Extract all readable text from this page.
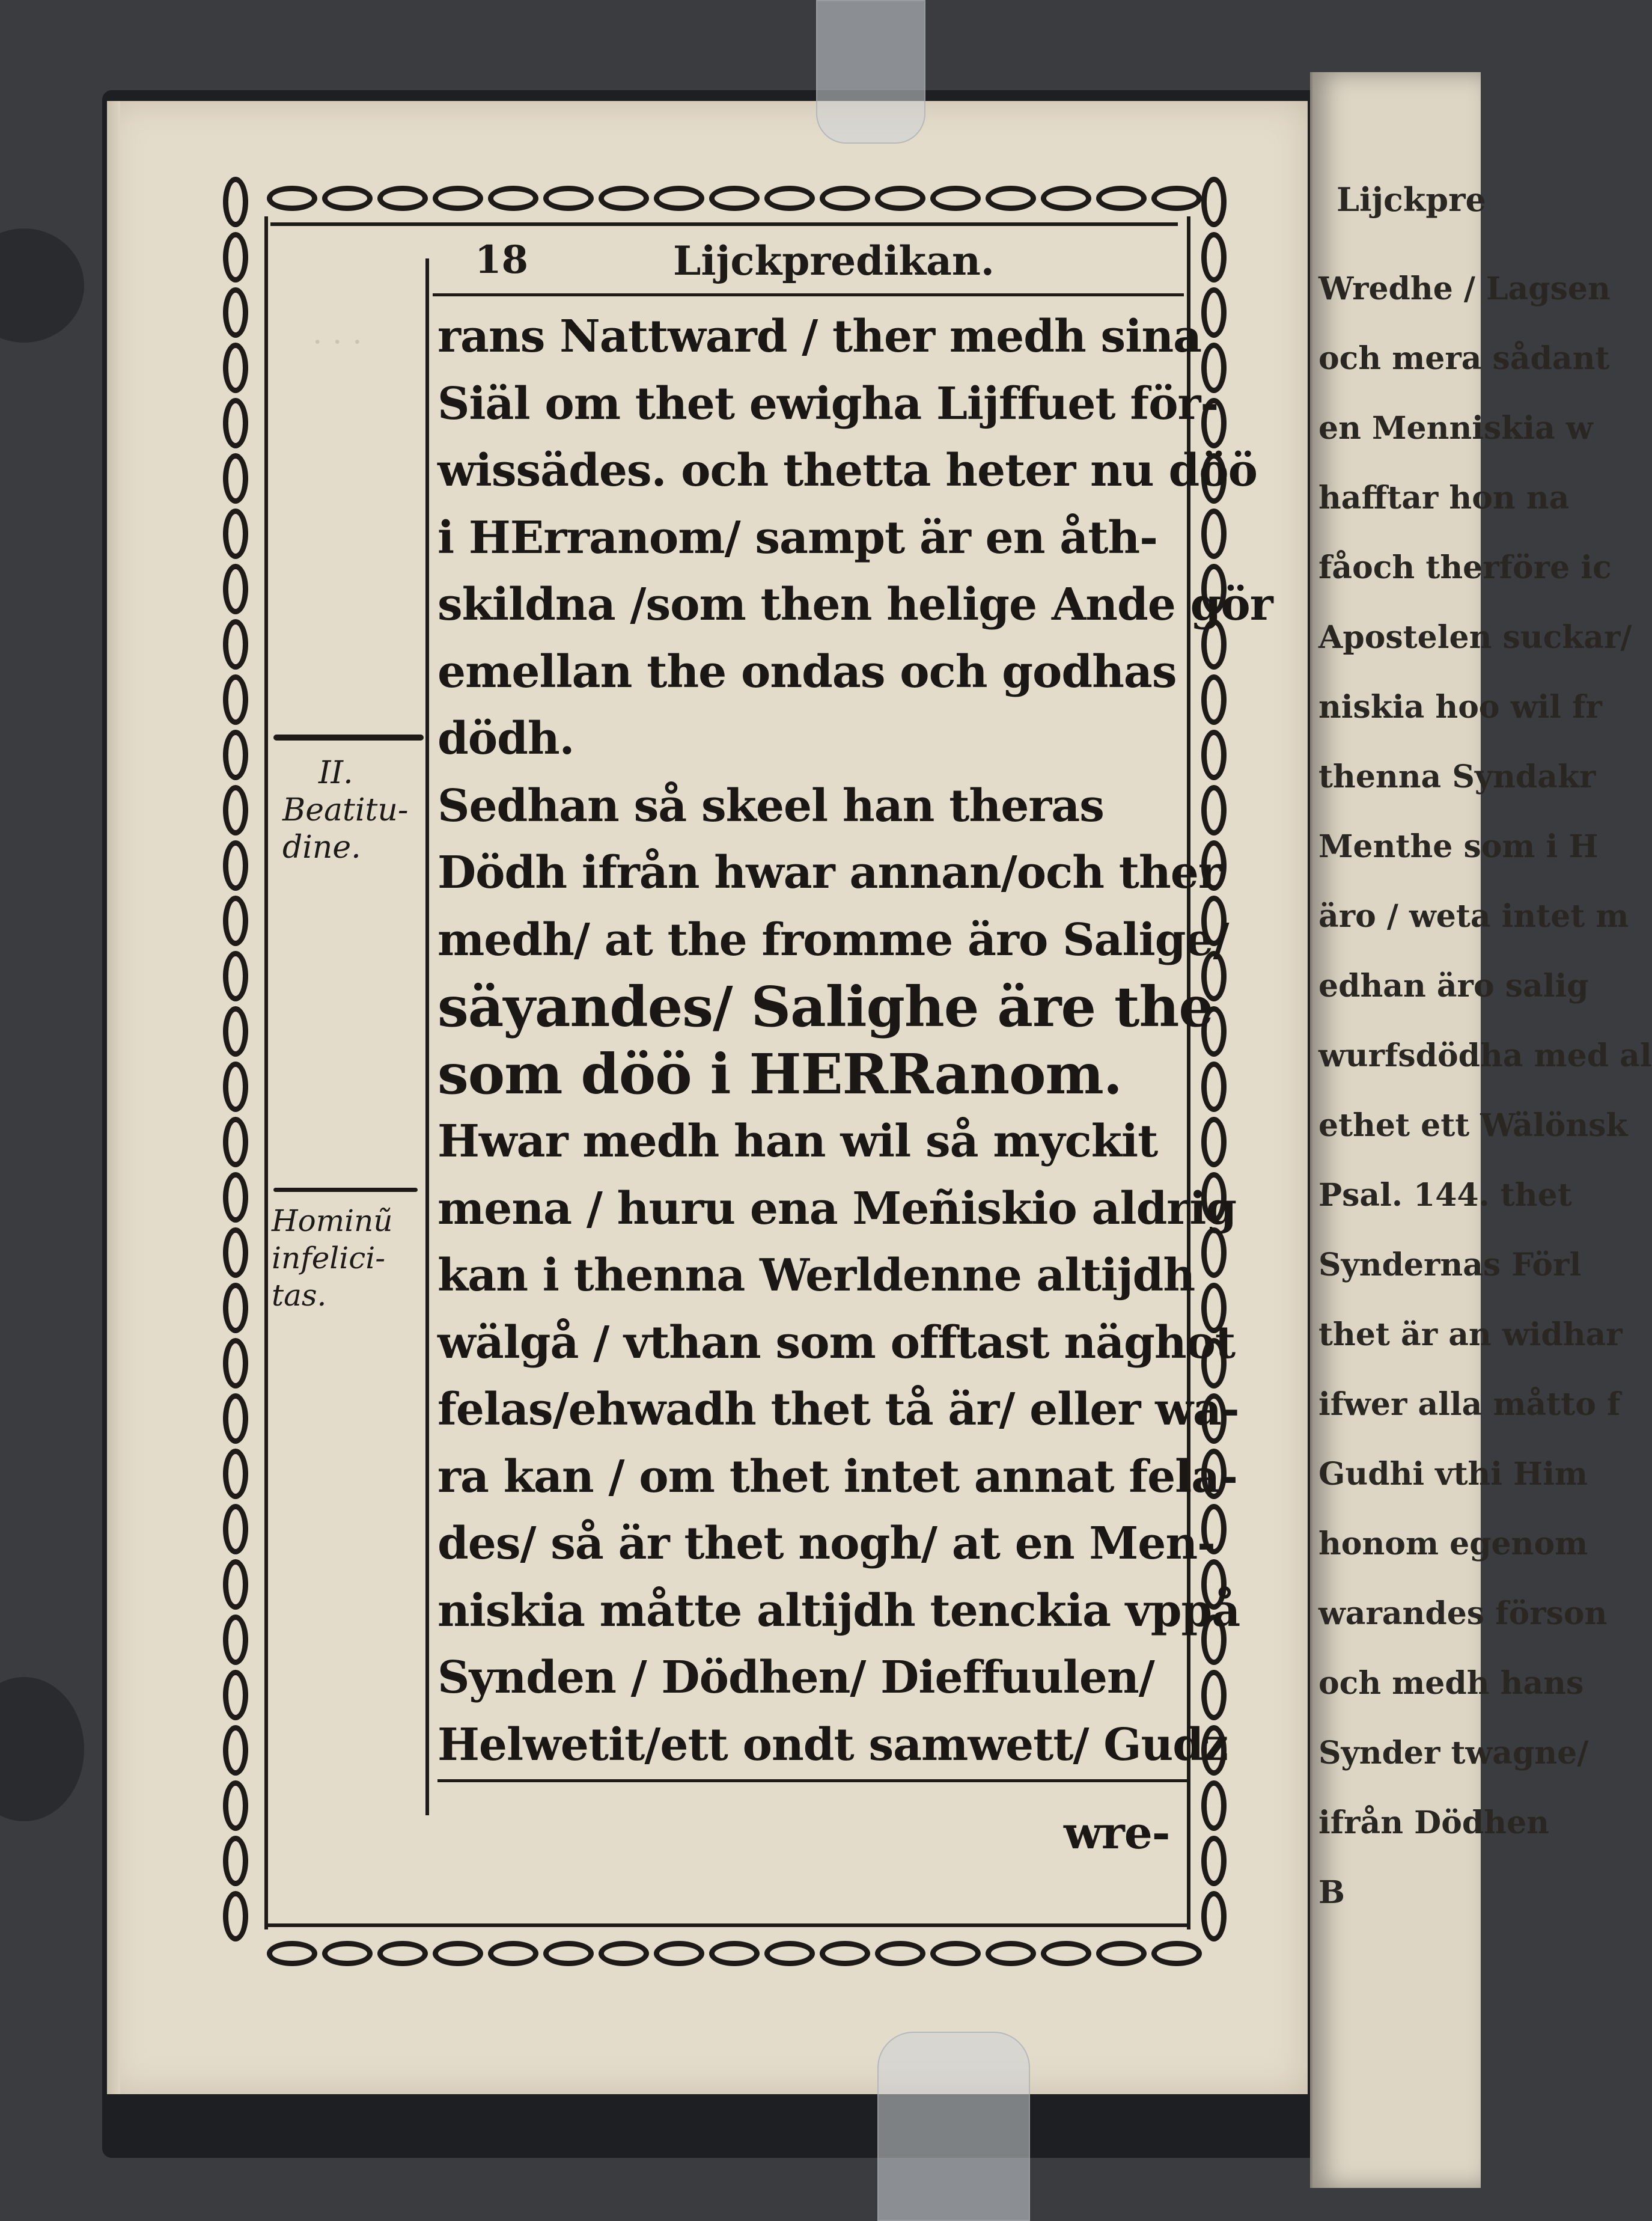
Lijckpre
Wredhe / Lagsen
och mera sådant
en Menniskia w
hafftar hon na
fåoch therföre ic
Apostelen suckar/
niskia hoo wil fr
thenna Syndakr
Menthe som i H
äro / weta intet m
edhan äro salig
wurfsdödha med al
ethet ett Wälönsk
Psal. 144. thet
Syndernas Förl
thet är an widhar
ifwer alla måtto f
Gudhi vthi Him
honom egenom
warandes förson
och medh hans
Synder twagne/
ifrån Dödhen
B
18	Lijckpredikan.
· · ·
II.
Beatitu-
dine.
Hominũ
infelici-
tas.
rans Nattward / ther medh sina
Siäl om thet ewigha Lijffuet för-
wissädes. och thetta heter nu döö
i HErranom/ sampt är en åth-
skildna /som then helige Ande gör
emellan the ondas och godhas
dödh.
Sedhan så skeel han theras
Dödh ifrån hwar annan/och ther
medh/ at the fromme äro Salige/
säyandes/ Salighe äre the
som döö i HERRanom.
Hwar medh han wil så myckit
mena / huru ena Meñiskio aldrig
kan i thenna Werldenne altijdh
wälgå / vthan som offtast näghot
felas/ehwadh thet tå är/ eller wa-
ra kan / om thet intet annat fela-
des/ så är thet nogh/ at en Men-
niskia måtte altijdh tenckia vppå
Synden / Dödhen/ Dieffuulen/
Helwetit/ett ondt samwett/ Gudz
wre-
